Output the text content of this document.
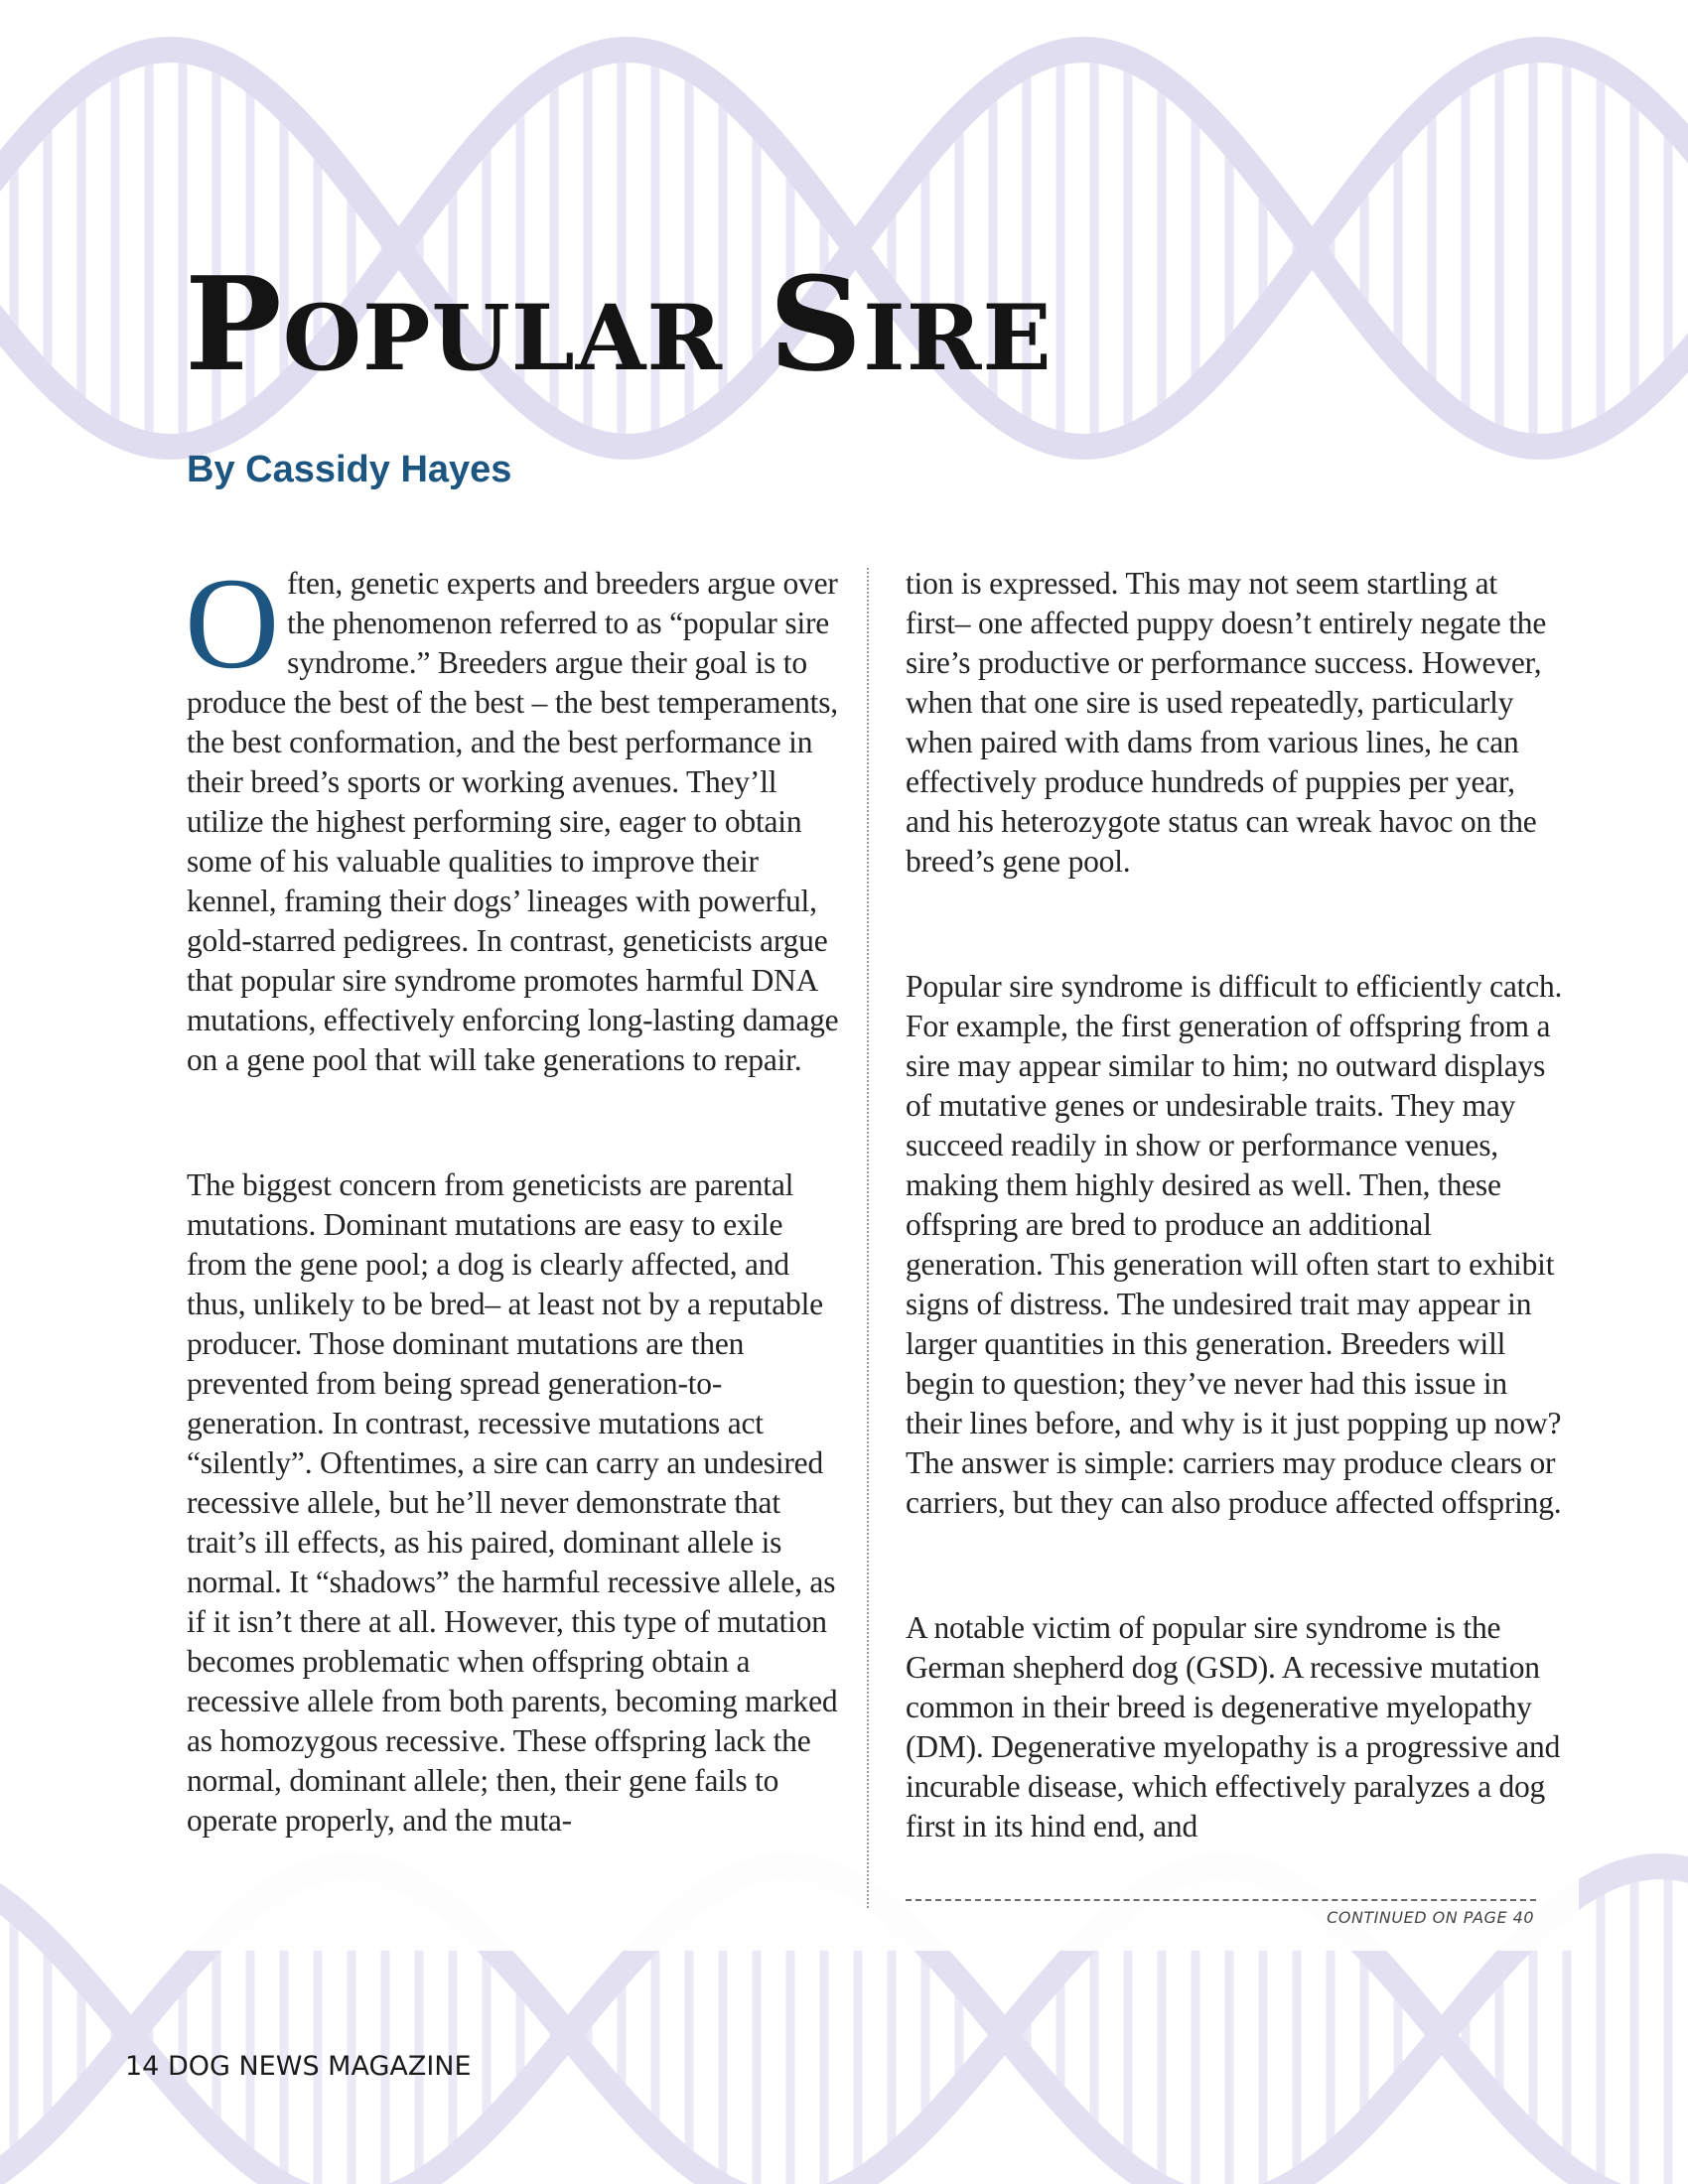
Popular Sire
By Cassidy Hayes

Often, genetic experts and breeders argue over the phenomenon referred to as “popular sire syndrome.” Breeders argue their goal is to produce the best of the best – the best temperaments, the best conformation, and the best performance in their breed’s sports or working avenues. They’ll utilize the highest performing sire, eager to obtain some of his valuable qualities to improve their kennel, framing their dogs’ lineages with powerful, gold-starred pedigrees. In contrast, geneticists argue that popular sire syndrome promotes harmful DNA mutations, effectively enforcing long-lasting damage on a gene pool that will take generations to repair.

The biggest concern from geneticists are parental mutations. Dominant mutations are easy to exile from the gene pool; a dog is clearly affected, and thus, unlikely to be bred– at least not by a reputable producer. Those dominant mutations are then prevented from being spread generation-to-generation. In contrast, recessive mutations act “silently”. Oftentimes, a sire can carry an undesired recessive allele, but he’ll never demonstrate that trait’s ill effects, as his paired, dominant allele is normal. It “shadows” the harmful recessive allele, as if it isn’t there at all. However, this type of mutation becomes problematic when offspring obtain a recessive allele from both parents, becoming marked as homozygous recessive. These offspring lack the normal, dominant allele; then, their gene fails to operate properly, and the muta-

tion is expressed. This may not seem startling at first– one affected puppy doesn’t entirely negate the sire’s productive or performance success. However, when that one sire is used repeatedly, particularly when paired with dams from various lines, he can effectively produce hundreds of puppies per year, and his heterozygote status can wreak havoc on the breed’s gene pool.

Popular sire syndrome is difficult to efficiently catch. For example, the first generation of offspring from a sire may appear similar to him; no outward displays of mutative genes or undesirable traits. They may succeed readily in show or performance venues, making them highly desired as well. Then, these offspring are bred to produce an additional generation. This generation will often start to exhibit signs of distress. The undesired trait may appear in larger quantities in this generation. Breeders will begin to question; they’ve never had this issue in their lines before, and why is it just popping up now? The answer is simple: carriers may produce clears or carriers, but they can also produce affected offspring.

A notable victim of popular sire syndrome is the German shepherd dog (GSD). A recessive mutation common in their breed is degenerative myelopathy (DM). Degenerative myelopathy is a progressive and incurable disease, which effectively paralyzes a dog first in its hind end, and

CONTINUED ON PAGE 40
14 DOG NEWS MAGAZINE
